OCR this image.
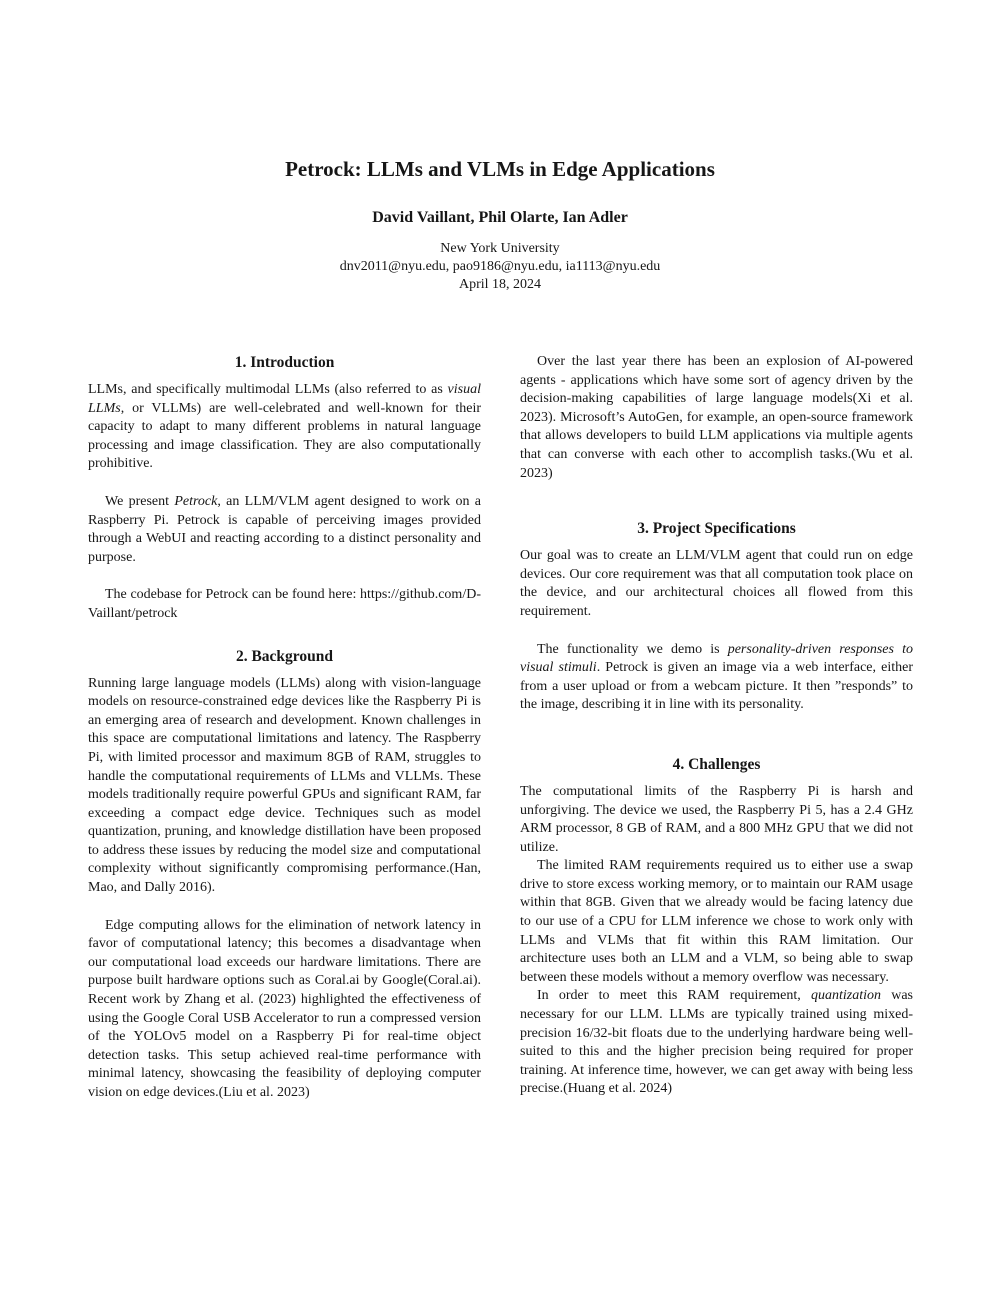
Petrock: LLMs and VLMs in Edge Applications
David Vaillant, Phil Olarte, Ian Adler
New York University
dnv2011@nyu.edu, pao9186@nyu.edu, ia1113@nyu.edu
April 18, 2024
1. Introduction

LLMs, and specifically multimodal LLMs (also referred to as visual LLMs, or VLLMs) are well-celebrated and well-known for their capacity to adapt to many different problems in natural language processing and image classification. They are also computationally prohibitive.

We present Petrock, an LLM/VLM agent designed to work on a Raspberry Pi. Petrock is capable of perceiving images provided through a WebUI and reacting according to a distinct personality and purpose.

The codebase for Petrock can be found here: https://github.com/D-Vaillant/petrock

2. Background

Running large language models (LLMs) along with vision-language models on resource-constrained edge devices like the Raspberry Pi is an emerging area of research and development. Known challenges in this space are computational limitations and latency. The Raspberry Pi, with limited processor and maximum 8GB of RAM, struggles to handle the computational requirements of LLMs and VLLMs. These models traditionally require powerful GPUs and significant RAM, far exceeding a compact edge device. Techniques such as model quantization, pruning, and knowledge distillation have been proposed to address these issues by reducing the model size and computational complexity without significantly compromising performance.(Han, Mao, and Dally 2016).

Edge computing allows for the elimination of network latency in favor of computational latency; this becomes a disadvantage when our computational load exceeds our hardware limitations. There are purpose built hardware options such as Coral.ai by Google(Coral.ai). Recent work by Zhang et al. (2023) highlighted the effectiveness of using the Google Coral USB Accelerator to run a compressed version of the YOLOv5 model on a Raspberry Pi for real-time object detection tasks. This setup achieved real-time performance with minimal latency, showcasing the feasibility of deploying computer vision on edge devices.(Liu et al. 2023)

Over the last year there has been an explosion of AI-powered agents - applications which have some sort of agency driven by the decision-making capabilities of large language models(Xi et al. 2023). Microsoft’s AutoGen, for example, an open-source framework that allows developers to build LLM applications via multiple agents that can converse with each other to accomplish tasks.(Wu et al. 2023)

3. Project Specifications

Our goal was to create an LLM/VLM agent that could run on edge devices. Our core requirement was that all computation took place on the device, and our architectural choices all flowed from this requirement.

The functionality we demo is personality-driven responses to visual stimuli. Petrock is given an image via a web interface, either from a user upload or from a webcam picture. It then ”responds” to the image, describing it in line with its personality.

4. Challenges

The computational limits of the Raspberry Pi is harsh and unforgiving. The device we used, the Raspberry Pi 5, has a 2.4 GHz ARM processor, 8 GB of RAM, and a 800 MHz GPU that we did not utilize.

The limited RAM requirements required us to either use a swap drive to store excess working memory, or to maintain our RAM usage within that 8GB. Given that we already would be facing latency due to our use of a CPU for LLM inference we chose to work only with LLMs and VLMs that fit within this RAM limitation. Our architecture uses both an LLM and a VLM, so being able to swap between these models without a memory overflow was necessary.

In order to meet this RAM requirement, quantization was necessary for our LLM. LLMs are typically trained using mixed-precision 16/32-bit floats due to the underlying hardware being well-suited to this and the higher precision being required for proper training. At inference time, however, we can get away with being less precise.(Huang et al. 2024)
